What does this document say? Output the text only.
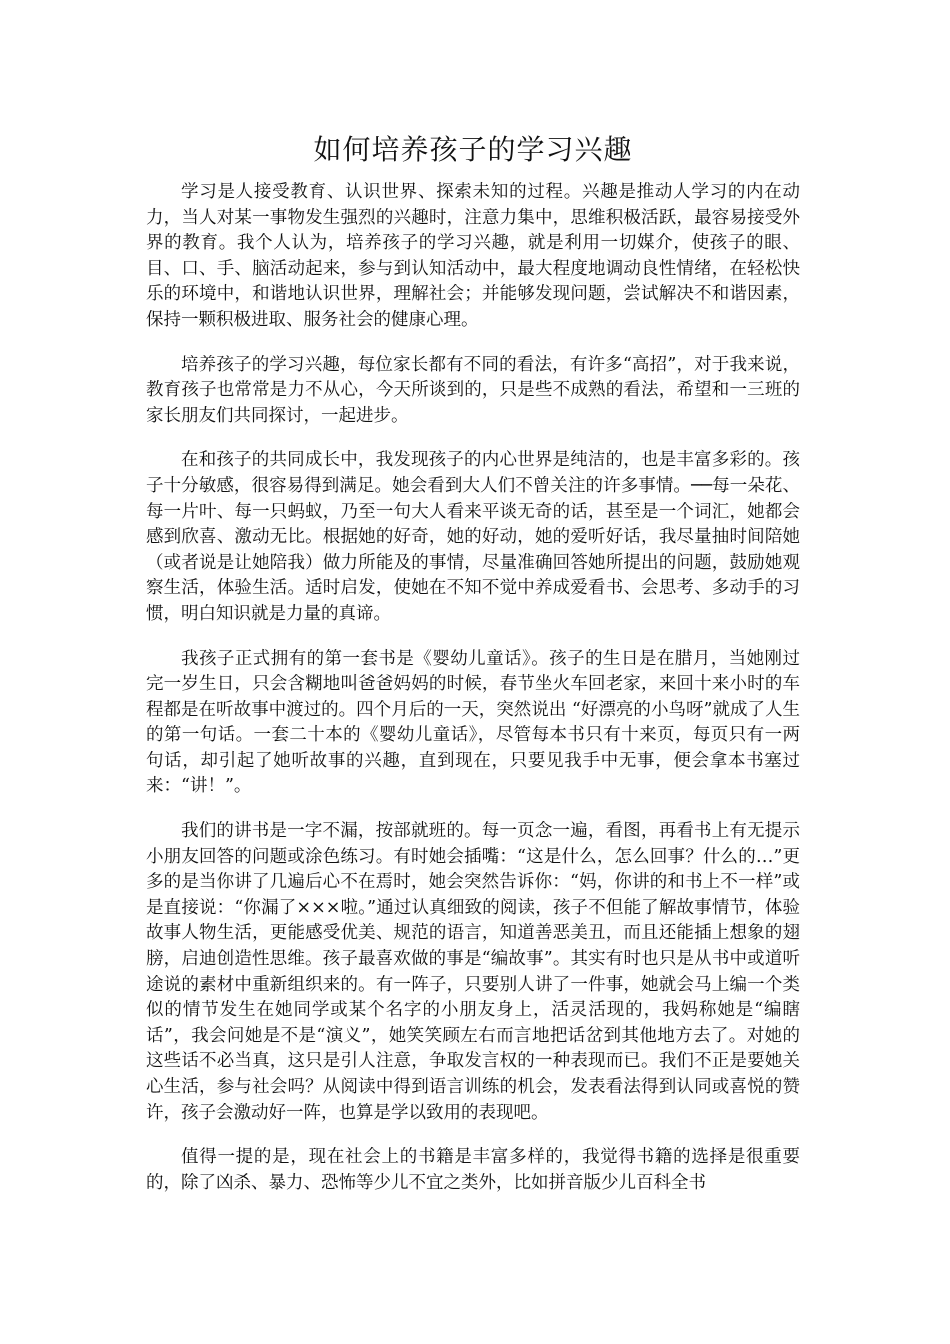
如何培养孩子的学习兴趣

学习是人接受教育、认识世界、探索未知的过程。兴趣是推动人学习的内在动力，当人对某一事物发生强烈的兴趣时，注意力集中，思维积极活跃，最容易接受外界的教育。我个人认为，培养孩子的学习兴趣，就是利用一切媒介，使孩子的眼、目、口、手、脑活动起来，参与到认知活动中，最大程度地调动良性情绪，在轻松快乐的环境中，和谐地认识世界，理解社会；并能够发现问题，尝试解决不和谐因素，保持一颗积极进取、服务社会的健康心理。

培养孩子的学习兴趣，每位家长都有不同的看法，有许多“高招”，对于我来说，教育孩子也常常是力不从心，今天所谈到的，只是些不成熟的看法，希望和一三班的家长朋友们共同探讨，一起进步。

在和孩子的共同成长中，我发现孩子的内心世界是纯洁的，也是丰富多彩的。孩子十分敏感，很容易得到满足。她会看到大人们不曾关注的许多事情。──每一朵花、每一片叶、每一只蚂蚁，乃至一句大人看来平谈无奇的话，甚至是一个词汇，她都会感到欣喜、激动无比。根据她的好奇，她的好动，她的爱听好话，我尽量抽时间陪她（或者说是让她陪我）做力所能及的事情，尽量准确回答她所提出的问题，鼓励她观察生活，体验生活。适时启发，使她在不知不觉中养成爱看书、会思考、多动手的习惯，明白知识就是力量的真谛。

我孩子正式拥有的第一套书是《婴幼儿童话》。孩子的生日是在腊月，当她刚过完一岁生日，只会含糊地叫爸爸妈妈的时候，春节坐火车回老家，来回十来小时的车程都是在听故事中渡过的。四个月后的一天，突然说出 “好漂亮的小鸟呀”就成了人生的第一句话。一套二十本的《婴幼儿童话》，尽管每本书只有十来页，每页只有一两句话，却引起了她听故事的兴趣，直到现在，只要见我手中无事，便会拿本书塞过来：“讲！”。

我们的讲书是一字不漏，按部就班的。每一页念一遍，看图，再看书上有无提示小朋友回答的问题或涂色练习。有时她会插嘴：“这是什么，怎么回事？什么的…”更多的是当你讲了几遍后心不在焉时，她会突然告诉你：“妈，你讲的和书上不一样”或是直接说：“你漏了×××啦。”通过认真细致的阅读，孩子不但能了解故事情节，体验故事人物生活，更能感受优美、规范的语言，知道善恶美丑，而且还能插上想象的翅膀，启迪创造性思维。孩子最喜欢做的事是“编故事”。其实有时也只是从书中或道听途说的素材中重新组织来的。有一阵子，只要别人讲了一件事，她就会马上编一个类似的情节发生在她同学或某个名字的小朋友身上，活灵活现的，我妈称她是“编瞎话”，我会问她是不是“演义”，她笑笑顾左右而言地把话岔到其他地方去了。对她的这些话不必当真，这只是引人注意，争取发言权的一种表现而已。我们不正是要她关心生活，参与社会吗？从阅读中得到语言训练的机会，发表看法得到认同或喜悦的赞许，孩子会激动好一阵，也算是学以致用的表现吧。

值得一提的是，现在社会上的书籍是丰富多样的，我觉得书籍的选择是很重要的，除了凶杀、暴力、恐怖等少儿不宜之类外，比如拼音版少儿百科全书
